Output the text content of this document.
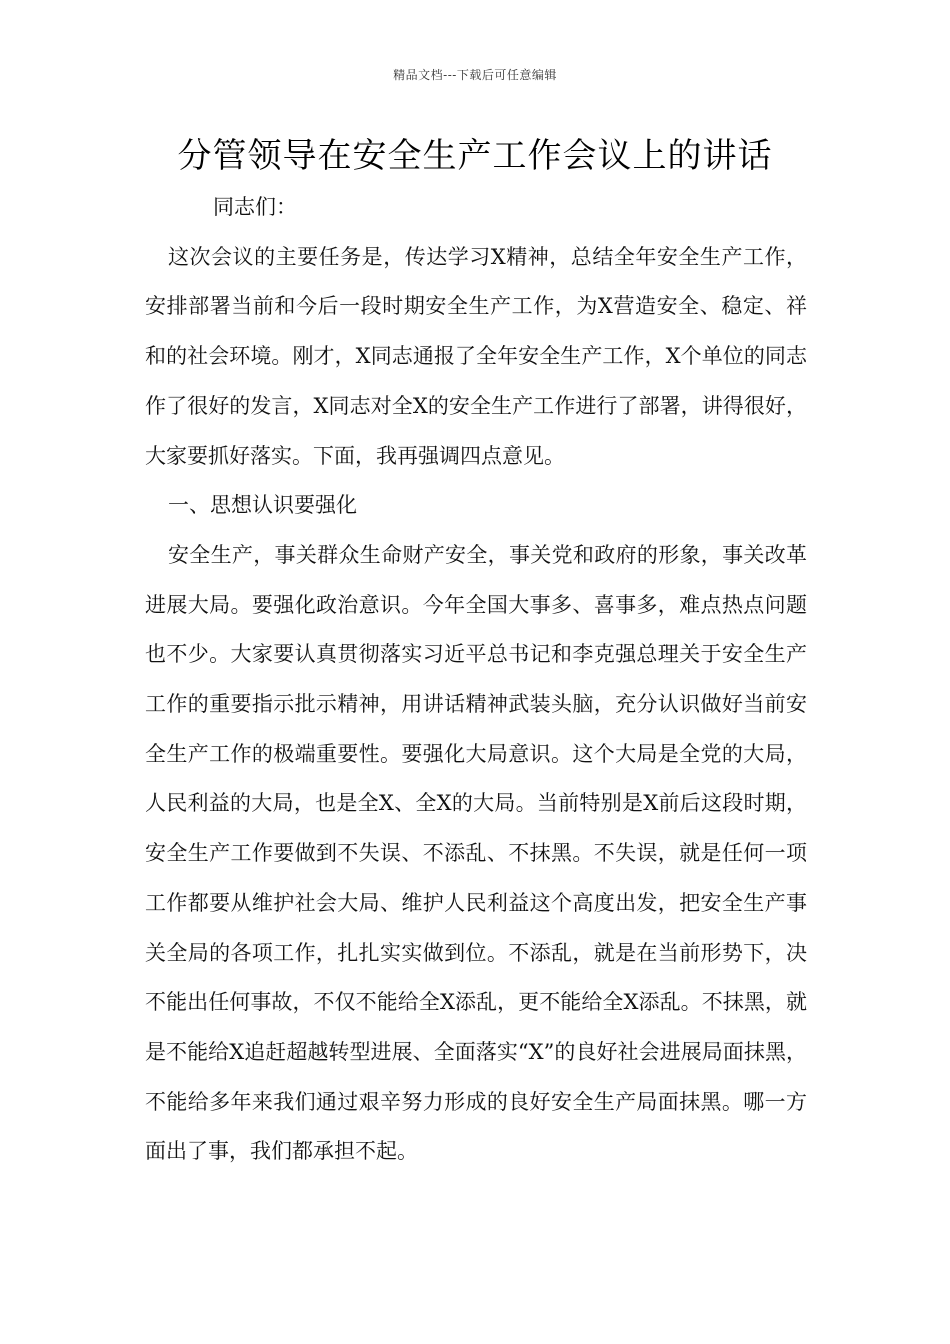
精品文档---下载后可任意编辑
分管领导在安全生产工作会议上的讲话

同志们：

这次会议的主要任务是，传达学习X精神，总结全年安全生产工作，安排部署当前和今后一段时期安全生产工作，为X营造安全、稳定、祥和的社会环境。刚才，X同志通报了全年安全生产工作，X个单位的同志作了很好的发言，X同志对全X的安全生产工作进行了部署，讲得很好，大家要抓好落实。下面，我再强调四点意见。

一、思想认识要强化

安全生产，事关群众生命财产安全，事关党和政府的形象，事关改革进展大局。要强化政治意识。今年全国大事多、喜事多，难点热点问题也不少。大家要认真贯彻落实习近平总书记和李克强总理关于安全生产工作的重要指示批示精神，用讲话精神武装头脑，充分认识做好当前安全生产工作的极端重要性。要强化大局意识。这个大局是全党的大局，人民利益的大局，也是全X、全X的大局。当前特别是X前后这段时期，安全生产工作要做到不失误、不添乱、不抹黑。不失误，就是任何一项工作都要从维护社会大局、维护人民利益这个高度出发，把安全生产事关全局的各项工作，扎扎实实做到位。不添乱，就是在当前形势下，决不能出任何事故，不仅不能给全X添乱，更不能给全X添乱。不抹黑，就是不能给X追赶超越转型进展、全面落实“X”的良好社会进展局面抹黑，不能给多年来我们通过艰辛努力形成的良好安全生产局面抹黑。哪一方面出了事，我们都承担不起。
